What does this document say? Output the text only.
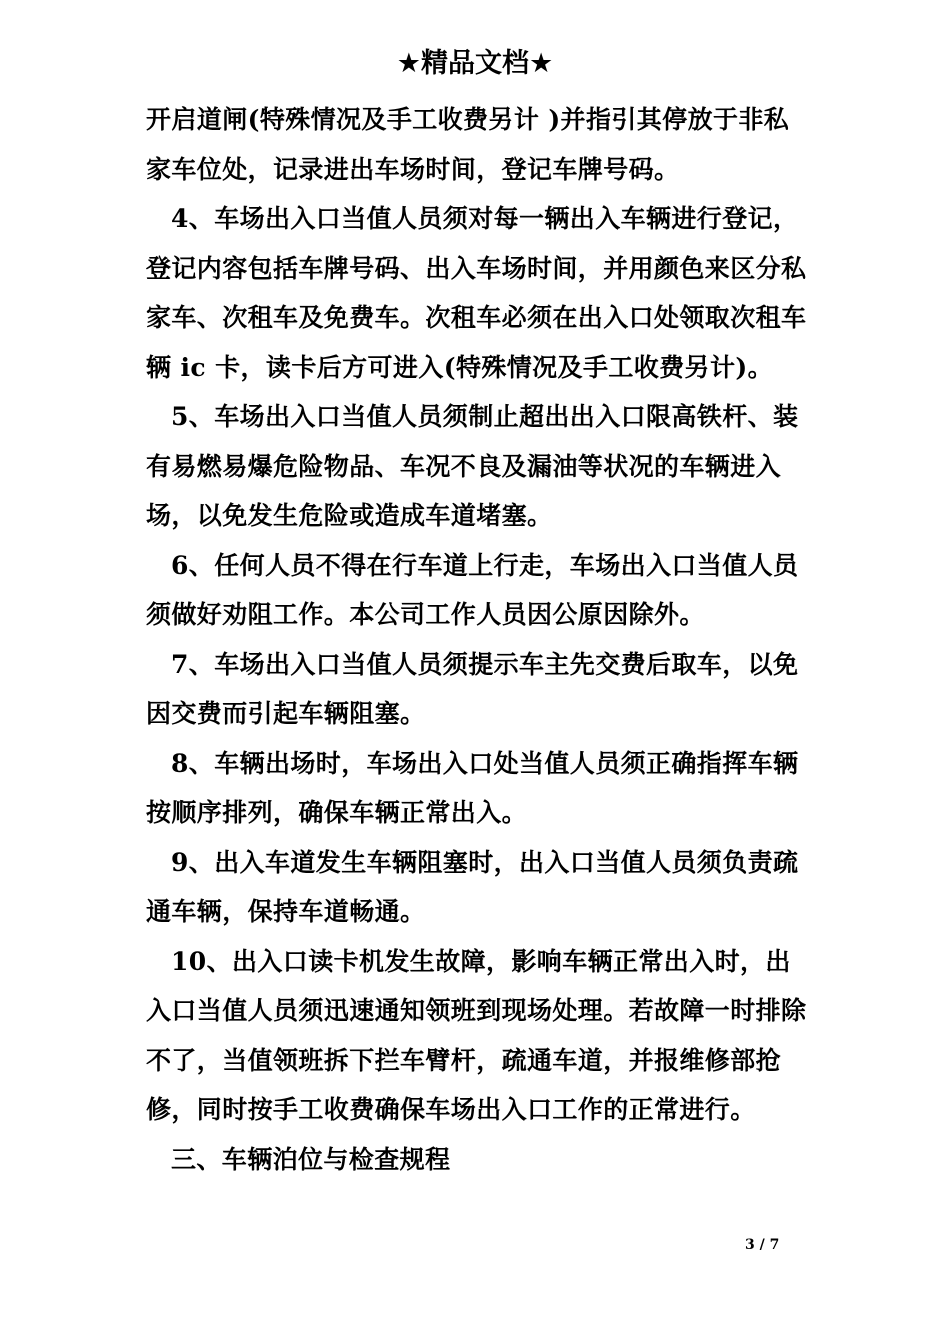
★精品文档★

开启道闸(特殊情况及手工收费另计 )并指引其停放于非私家车位处，记录进出车场时间，登记车牌号码。

4、车场出入口当值人员须对每一辆出入车辆进行登记，登记内容包括车牌号码、出入车场时间，并用颜色来区分私家车、次租车及免费车。次租车必须在出入口处领取次租车辆 ic 卡，读卡后方可进入(特殊情况及手工收费另计)。

5、车场出入口当值人员须制止超出出入口限高铁杆、装有易燃易爆危险物品、车况不良及漏油等状况的车辆进入场，以免发生危险或造成车道堵塞。

6、任何人员不得在行车道上行走，车场出入口当值人员须做好劝阻工作。本公司工作人员因公原因除外。

7、车场出入口当值人员须提示车主先交费后取车，以免因交费而引起车辆阻塞。

8、车辆出场时，车场出入口处当值人员须正确指挥车辆按顺序排列，确保车辆正常出入。

9、出入车道发生车辆阻塞时，出入口当值人员须负责疏通车辆，保持车道畅通。

10、出入口读卡机发生故障，影响车辆正常出入时，出入口当值人员须迅速通知领班到现场处理。若故障一时排除不了，当值领班拆下拦车臂杆，疏通车道，并报维修部抢修，同时按手工收费确保车场出入口工作的正常进行。

三、车辆泊位与检查规程

3 / 7
